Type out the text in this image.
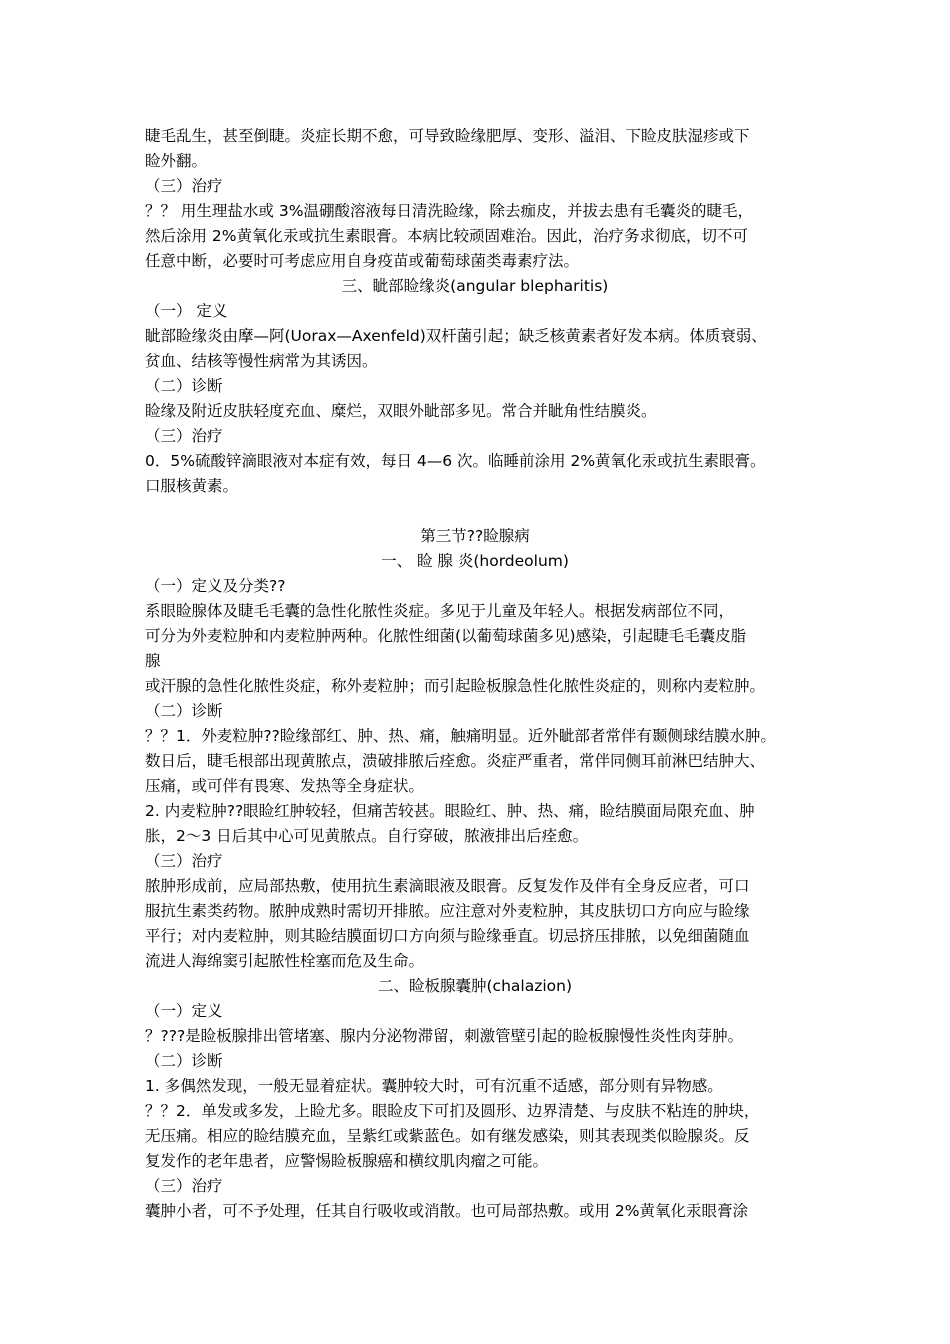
睫毛乱生，甚至倒睫。炎症长期不愈，可导致睑缘肥厚、变形、溢泪、下睑皮肤湿疹或下
睑外翻。
（三）治疗
？？ 用生理盐水或 3%温硼酸溶液每日清洗睑缘，除去痂皮，并拔去患有毛囊炎的睫毛，
然后涂用 2%黄氧化汞或抗生素眼膏。本病比较顽固难治。因此，治疗务求彻底，切不可
任意中断，必要时可考虑应用自身疫苗或葡萄球菌类毒素疗法。
三、眦部睑缘炎(angular blepharitis)
（一） 定义
眦部睑缘炎由摩—阿(Uorax—Axenfeld)双杆菌引起；缺乏核黄素者好发本病。体质衰弱、
贫血、结核等慢性病常为其诱因。
（二）诊断
睑缘及附近皮肤轻度充血、糜烂，双眼外眦部多见。常合并眦角性结膜炎。
（三）治疗
0．5%硫酸锌滴眼液对本症有效，每日 4—6 次。临睡前涂用 2%黄氧化汞或抗生素眼膏。
口服核黄素。
第三节??睑腺病
一、 睑 腺 炎(hordeolum)
（一）定义及分类??
系眼睑腺体及睫毛毛囊的急性化脓性炎症。多见于儿童及年轻人。根据发病部位不同，
可分为外麦粒肿和内麦粒肿两种。化脓性细菌(以葡萄球菌多见)感染，引起睫毛毛囊皮脂
腺
或汗腺的急性化脓性炎症，称外麦粒肿；而引起睑板腺急性化脓性炎症的，则称内麦粒肿。
（二）诊断
？？1．外麦粒肿??睑缘部红、肿、热、痛，触痛明显。近外眦部者常伴有颞侧球结膜水肿。
数日后，睫毛根部出现黄脓点，溃破排脓后痊愈。炎症严重者，常伴同侧耳前淋巴结肿大、
压痛，或可伴有畏寒、发热等全身症状。
2. 内麦粒肿??眼睑红肿较轻，但痛苦较甚。眼睑红、肿、热、痛，睑结膜面局限充血、肿
胀，2～3 日后其中心可见黄脓点。自行穿破，脓液排出后痊愈。
（三）治疗
脓肿形成前，应局部热敷，使用抗生素滴眼液及眼膏。反复发作及伴有全身反应者，可口
服抗生素类药物。脓肿成熟时需切开排脓。应注意对外麦粒肿，其皮肤切口方向应与睑缘
平行；对内麦粒肿，则其睑结膜面切口方向须与睑缘垂直。切忌挤压排脓，以免细菌随血
流进人海绵窦引起脓性栓塞而危及生命。
二、睑板腺囊肿(chalazion)
（一）定义
？???是睑板腺排出管堵塞、腺内分泌物滞留，刺激管壁引起的睑板腺慢性炎性肉芽肿。
（二）诊断
1. 多偶然发现，一般无显着症状。囊肿较大时，可有沉重不适感，部分则有异物感。
？？2．单发或多发，上睑尤多。眼睑皮下可扪及圆形、边界清楚、与皮肤不粘连的肿块，
无压痛。相应的睑结膜充血，呈紫红或紫蓝色。如有继发感染，则其表现类似睑腺炎。反
复发作的老年患者，应警惕睑板腺癌和横纹肌肉瘤之可能。
（三）治疗
囊肿小者，可不予处理，任其自行吸收或消散。也可局部热敷。或用 2%黄氧化汞眼膏涂
